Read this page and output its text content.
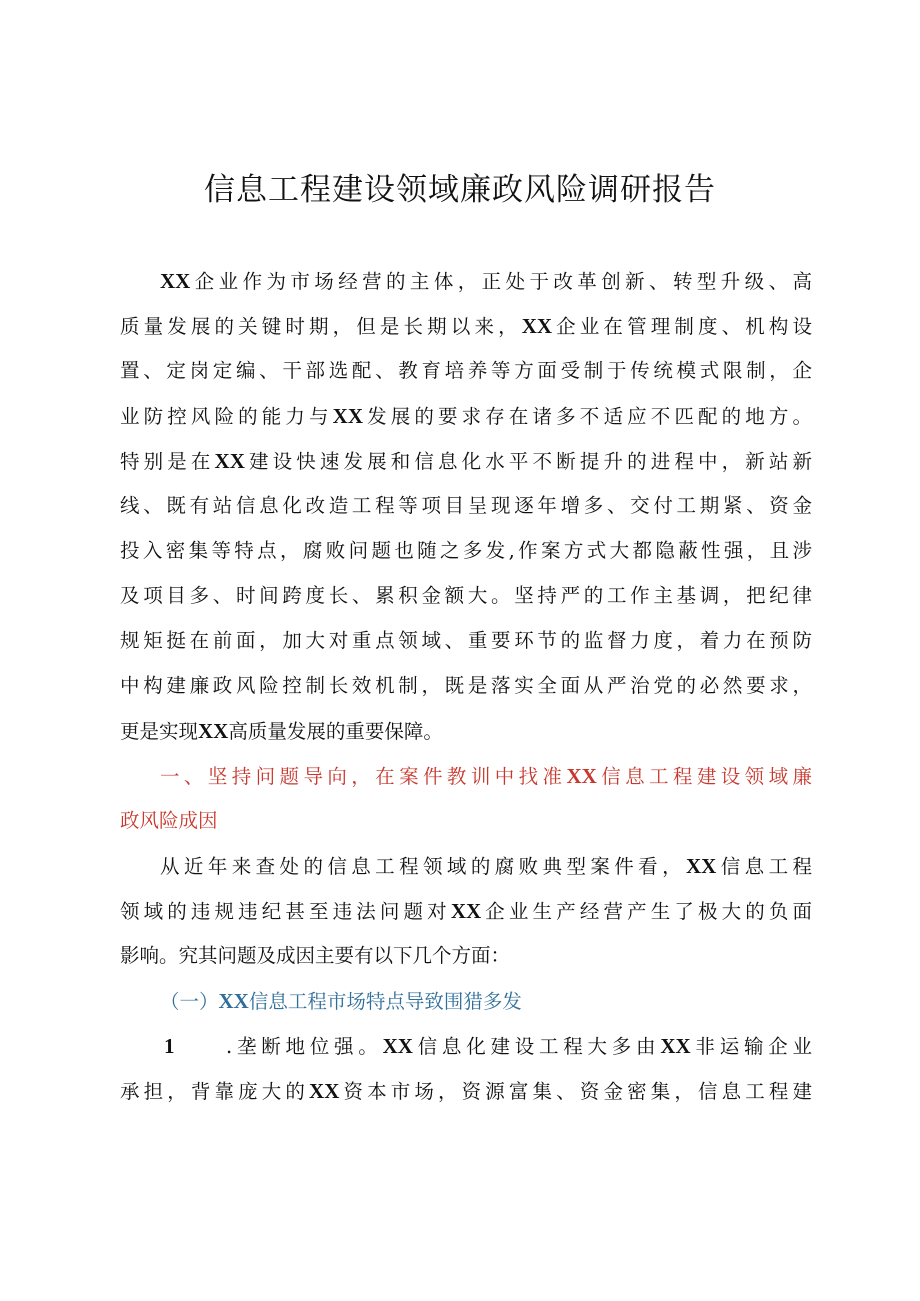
信息工程建设领域廉政风险调研报告
XX企业作为市场经营的主体，正处于改革创新、转型升级、高
质量发展的关键时期，但是长期以来，XX企业在管理制度、机构设
置、定岗定编、干部选配、教育培养等方面受制于传统模式限制，企
业防控风险的能力与XX发展的要求存在诸多不适应不匹配的地方。
特别是在XX建设快速发展和信息化水平不断提升的进程中，新站新
线、既有站信息化改造工程等项目呈现逐年增多、交付工期紧、资金
投入密集等特点，腐败问题也随之多发,作案方式大都隐蔽性强，且涉
及项目多、时间跨度长、累积金额大。坚持严的工作主基调，把纪律
规矩挺在前面，加大对重点领域、重要环节的监督力度，着力在预防
中构建廉政风险控制长效机制，既是落实全面从严治党的必然要求，
更是实现XX高质量发展的重要保障。
一、坚持问题导向，在案件教训中找准XX信息工程建设领域廉
政风险成因
从近年来查处的信息工程领域的腐败典型案件看，XX信息工程
领域的违规违纪甚至违法问题对XX企业生产经营产生了极大的负面
影响。究其问题及成因主要有以下几个方面：
（一）XX信息工程市场特点导致围猎多发
1	.垄断地位强。XX信息化建设工程大多由XX非运输企业
承担，背靠庞大的XX资本市场，资源富集、资金密集，信息工程建
